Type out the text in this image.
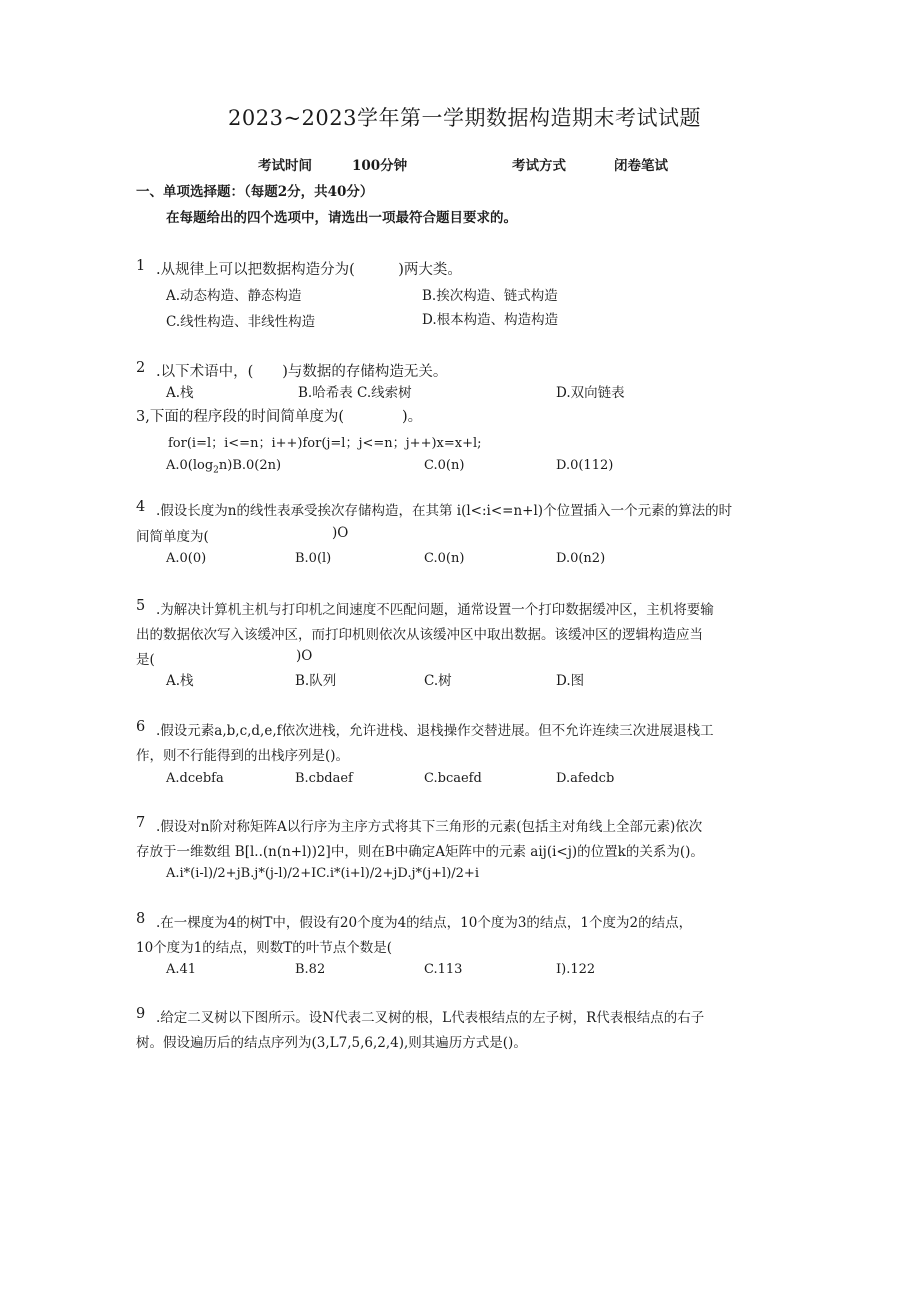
2023~2023学年第一学期数据构造期末考试试题
考试时间	100分钟	考试方式	闭卷笔试
一、单项选择题：（每题2分，共40分）
在每题给出的四个选项中，请选出一项最符合题目要求的。
1 .从规律上可以把数据构造分为(　　　)两大类。
A.动态构造、静态构造	B.挨次构造、链式构造
C.线性构造、非线性构造	D.根本构造、构造构造
2 .以下术语中，(　　)与数据的存储构造无关。
A.栈	B.哈希表 C.线索树	D.双向链表
3,下面的程序段的时间简单度为(　　　　)。
for(i=l；i<=n；i++)for(j=l；j<=n；j++)x=x+l;
$A.0(\log_2n)B.0(2n)$	C.0(n)	D.0(112)
4 .假设长度为n的线性表承受挨次存储构造，在其第 i(l<:i<=n+l)个位置插入一个元素的算法的时
间简单度为(	)O
A.0(0)	B.0(l)	C.0(n)	D.0(n2)
5 .为解决计算机主机与打印机之间速度不匹配问题，通常设置一个打印数据缓冲区，主机将要输
出的数据依次写入该缓冲区，而打印机则依次从该缓冲区中取出数据。该缓冲区的逻辑构造应当
是(	)O
A.栈	B.队列	C.树	D.图
6 .假设元素a,b,c,d,e,f依次进栈，允许进栈、退栈操作交替进展。但不允许连续三次进展退栈工
作，则不行能得到的出栈序列是()。
A.dcebfa	B.cbdaef	C.bcaefd	D.afedcb
7 .假设对n阶对称矩阵A以行序为主序方式将其下三角形的元素(包括主对角线上全部元素)依次
存放于一维数组 B[l..(n(n+l))2]中，则在B中确定A矩阵中的元素 aij(i<j)的位置k的关系为()。
A.i*(i-l)/2+jB.j*(j-l)/2+IC.i*(i+l)/2+jD.j*(j+l)/2+i
8 .在一棵度为4的树T中，假设有20个度为4的结点，10个度为3的结点，1个度为2的结点，
10个度为1的结点，则数T的叶节点个数是(
A.41	B.82	C.113	I).122
9 .给定二叉树以下图所示。设N代表二叉树的根，L代表根结点的左子树，R代表根结点的右子
树。假设遍历后的结点序列为(3,L7,5,6,2,4),则其遍历方式是()。
